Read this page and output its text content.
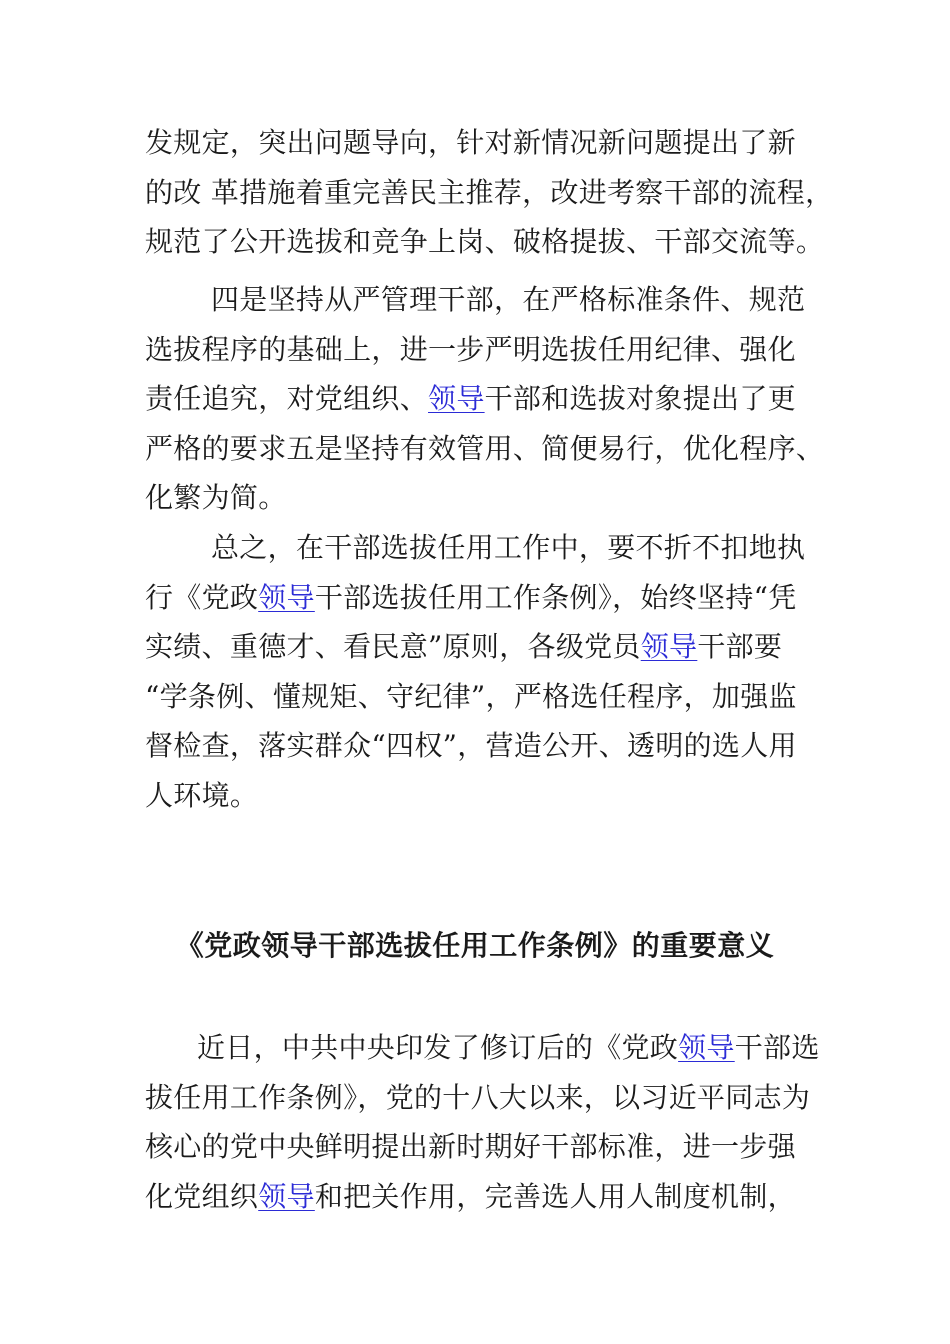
发规定，突出问题导向，针对新情况新问题提出了新
的改 革措施着重完善民主推荐，改进考察干部的流程，
规范了公开选拔和竞争上岗、破格提拔、干部交流等。
四是坚持从严管理干部，在严格标准条件、规范
选拔程序的基础上，进一步严明选拔任用纪律、强化
责任追究，对党组织、领导干部和选拔对象提出了更
严格的要求五是坚持有效管用、简便易行，优化程序、
化繁为简。
总之，在干部选拔任用工作中，要不折不扣地执
行《党政领导干部选拔任用工作条例》，始终坚持“凭
实绩、重德才、看民意”原则，各级党员领导干部要
“学条例、懂规矩、守纪律”，严格选任程序，加强监
督检查，落实群众“四权”，营造公开、透明的选人用
人环境。
《党政领导干部选拔任用工作条例》的重要意义
近日，中共中央印发了修订后的《党政领导干部选
拔任用工作条例》，党的十八大以来，以习近平同志为
核心的党中央鲜明提出新时期好干部标准，进一步强
化党组织领导和把关作用，完善选人用人制度机制，
